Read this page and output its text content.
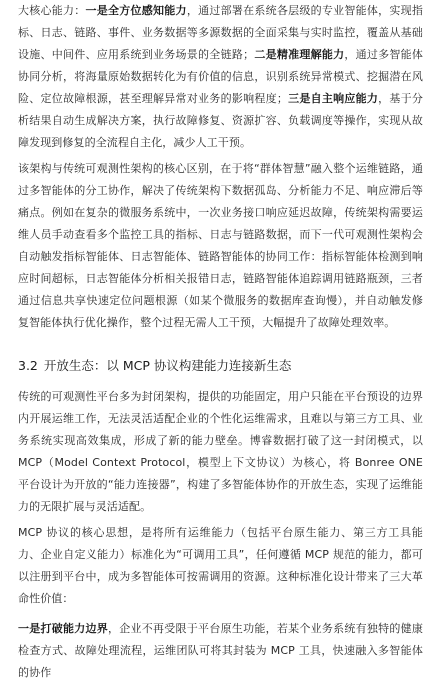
大核心能力：一是全方位感知能力，通过部署在系统各层级的专业智能体，实现指标、日志、链路、事件、业务数据等多源数据的全面采集与实时监控，覆盖从基础设施、中间件、应用系统到业务场景的全链路；二是精准理解能力，通过多智能体协同分析，将海量原始数据转化为有价值的信息，识别系统异常模式、挖掘潜在风险、定位故障根源，甚至理解异常对业务的影响程度；三是自主响应能力，基于分析结果自动生成解决方案，执行故障修复、资源扩容、负载调度等操作，实现从故障发现到修复的全流程自主化，减少人工干预。

该架构与传统可观测性架构的核心区别，在于将“群体智慧”融入整个运维链路，通过多智能体的分工协作，解决了传统架构下数据孤岛、分析能力不足、响应滞后等痛点。例如在复杂的微服务系统中，一次业务接口响应延迟故障，传统架构需要运维人员手动查看多个监控工具的指标、日志与链路数据，而下一代可观测性架构会自动触发指标智能体、日志智能体、链路智能体的协同工作：指标智能体检测到响应时间超标，日志智能体分析相关报错日志，链路智能体追踪调用链路瓶颈，三者通过信息共享快速定位问题根源（如某个微服务的数据库查询慢），并自动触发修复智能体执行优化操作，整个过程无需人工干预，大幅提升了故障处理效率。

3.2 开放生态：以 MCP 协议构建能力连接新生态

传统的可观测性平台多为封闭架构，提供的功能固定，用户只能在平台预设的边界内开展运维工作，无法灵活适配企业的个性化运维需求，且难以与第三方工具、业务系统实现高效集成，形成了新的能力壁垒。博睿数据打破了这一封闭模式，以 MCP（Model Context Protocol，模型上下文协议）为核心，将 Bonree ONE 平台设计为开放的“能力连接器”，构建了多智能体协作的开放生态，实现了运维能力的无限扩展与灵活适配。

MCP 协议的核心思想，是将所有运维能力（包括平台原生能力、第三方工具能力、企业自定义能力）标准化为“可调用工具”，任何遵循 MCP 规范的能力，都可以注册到平台中，成为多智能体可按需调用的资源。这种标准化设计带来了三大革命性价值：

一是打破能力边界，企业不再受限于平台原生功能，若某个业务系统有独特的健康检查方式、故障处理流程，运维团队可将其封装为 MCP 工具，快速融入多智能体的协作
